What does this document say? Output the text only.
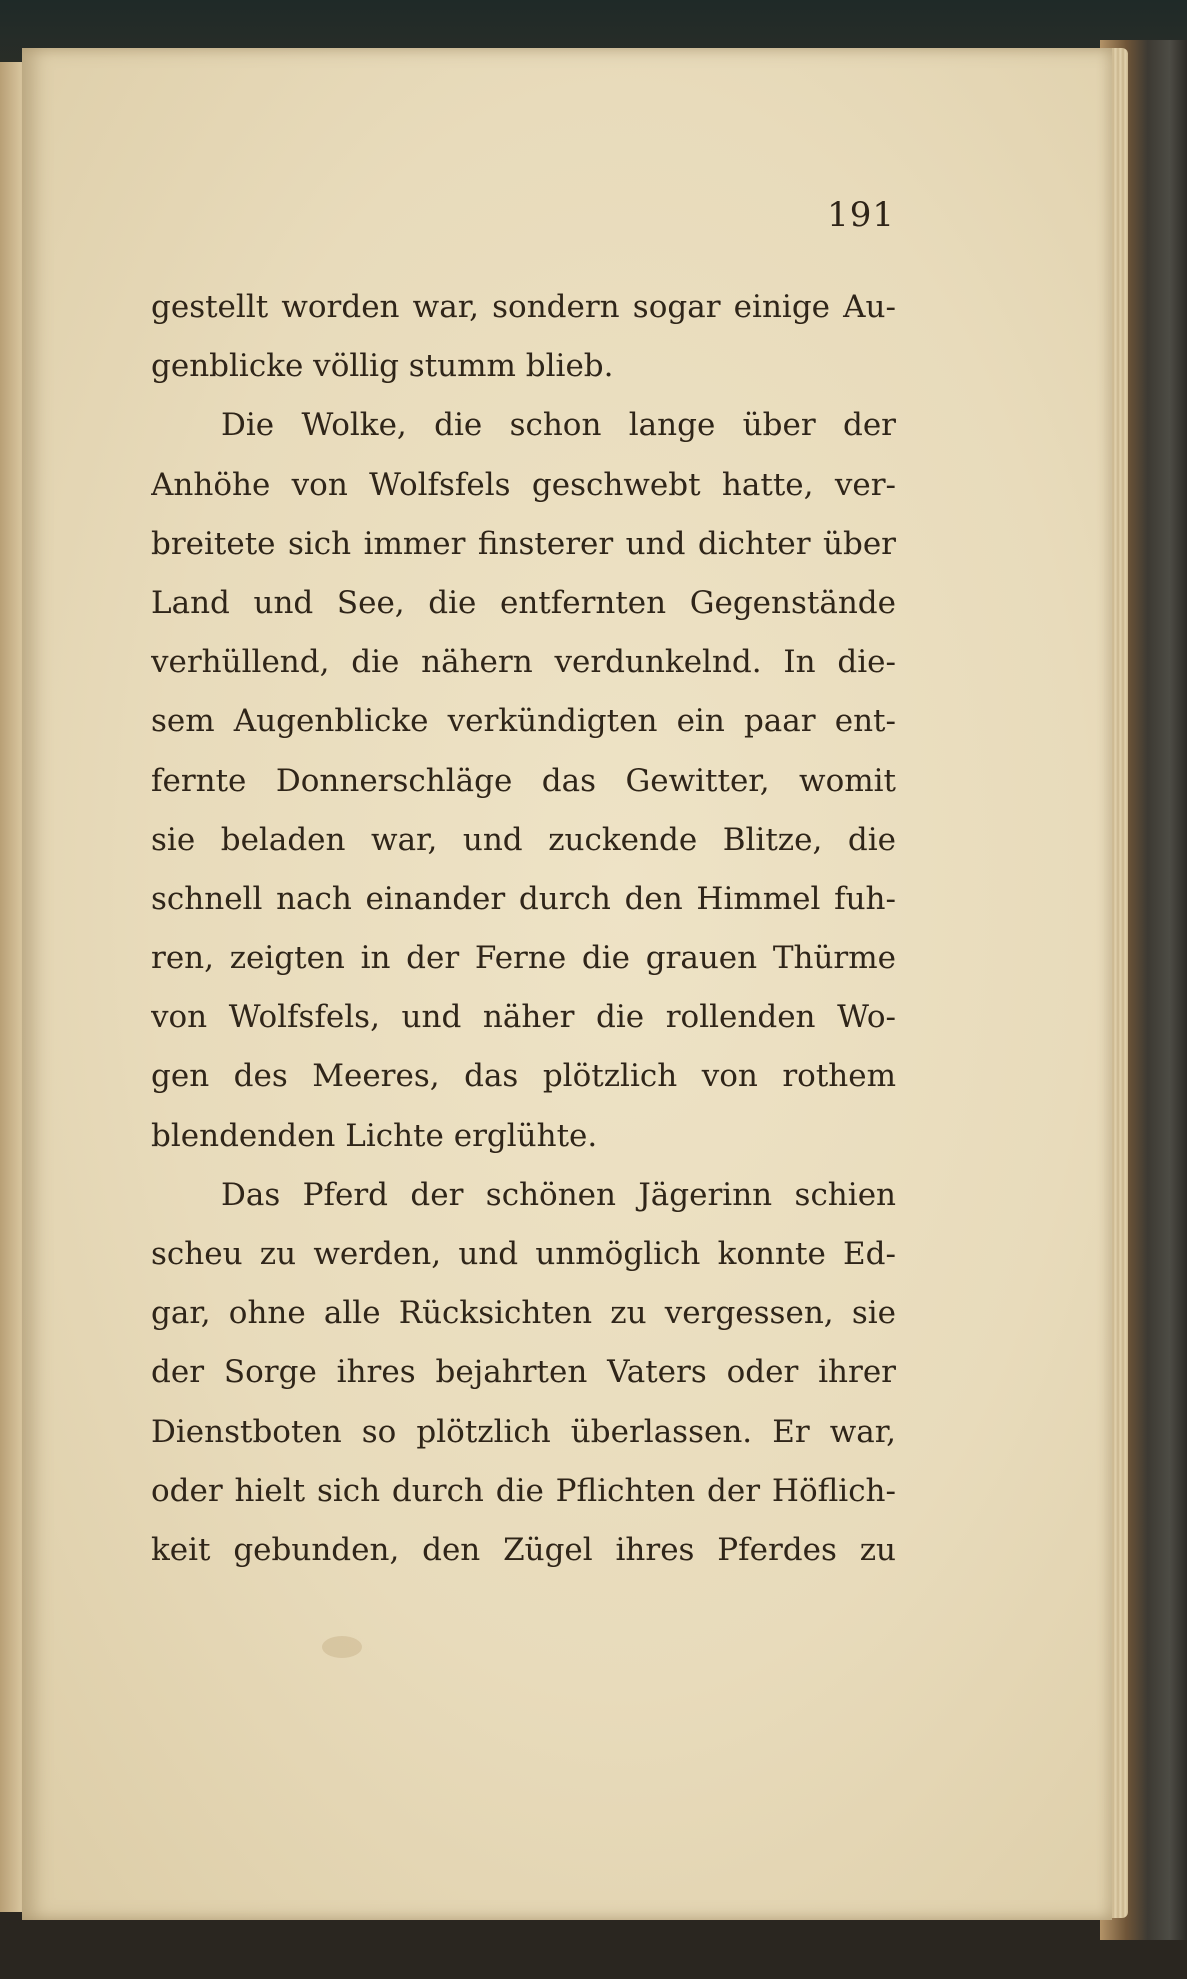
191
gestellt worden war, sondern sogar einige Au-
genblicke völlig stumm blieb.
Die Wolke, die schon lange über der
Anhöhe von Wolfsfels geschwebt hatte, ver-
breitete sich immer finsterer und dichter über
Land und See, die entfernten Gegenstände
verhüllend, die nähern verdunkelnd. In die-
sem Augenblicke verkündigten ein paar ent-
fernte Donnerschläge das Gewitter, womit
sie beladen war, und zuckende Blitze, die
schnell nach einander durch den Himmel fuh-
ren, zeigten in der Ferne die grauen Thürme
von Wolfsfels, und näher die rollenden Wo-
gen des Meeres, das plötzlich von rothem
blendenden Lichte erglühte.
Das Pferd der schönen Jägerinn schien
scheu zu werden, und unmöglich konnte Ed-
gar, ohne alle Rücksichten zu vergessen, sie
der Sorge ihres bejahrten Vaters oder ihrer
Dienstboten so plötzlich überlassen. Er war,
oder hielt sich durch die Pflichten der Höflich-
keit gebunden, den Zügel ihres Pferdes zu
